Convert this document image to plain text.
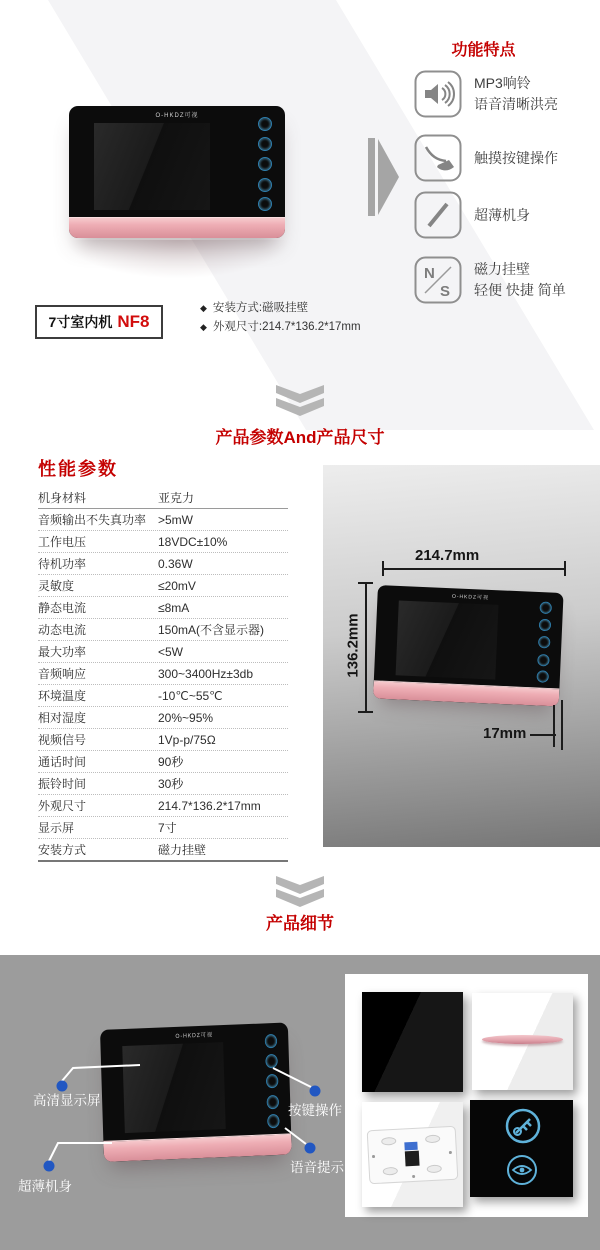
O-HKDZ可视
7寸室内机 NF8
◆ 安装方式:磁吸挂壁
◆ 外观尺寸:214.7*136.2*17mm
功能特点
MP3响铃
语音清晰洪亮
触摸按键操作
超薄机身
N
S
磁力挂壁
轻便 快捷 简单
产品参数And产品尺寸
性能参数
机身材料	亚克力
音频输出不失真功率 >5mW
工作电压	18VDC±10%
待机功率	0.36W
灵敏度	≤20mV
静态电流	≤8mA
动态电流	150mA(不含显示器)
最大功率	<5W
音频响应	300~3400Hz±3db
环境温度	-10℃~55℃
相对湿度	20%~95%
视频信号	1Vp-p/75Ω
通话时间	90秒
振铃时间	30秒
外观尺寸	214.7*136.2*17mm
显示屏	7寸
安装方式	磁力挂壁
O-HKDZ可视
214.7mm
136.2mm
17mm
产品细节
O-HKDZ可视
高清显示屏
超薄机身
按键操作
语音提示
